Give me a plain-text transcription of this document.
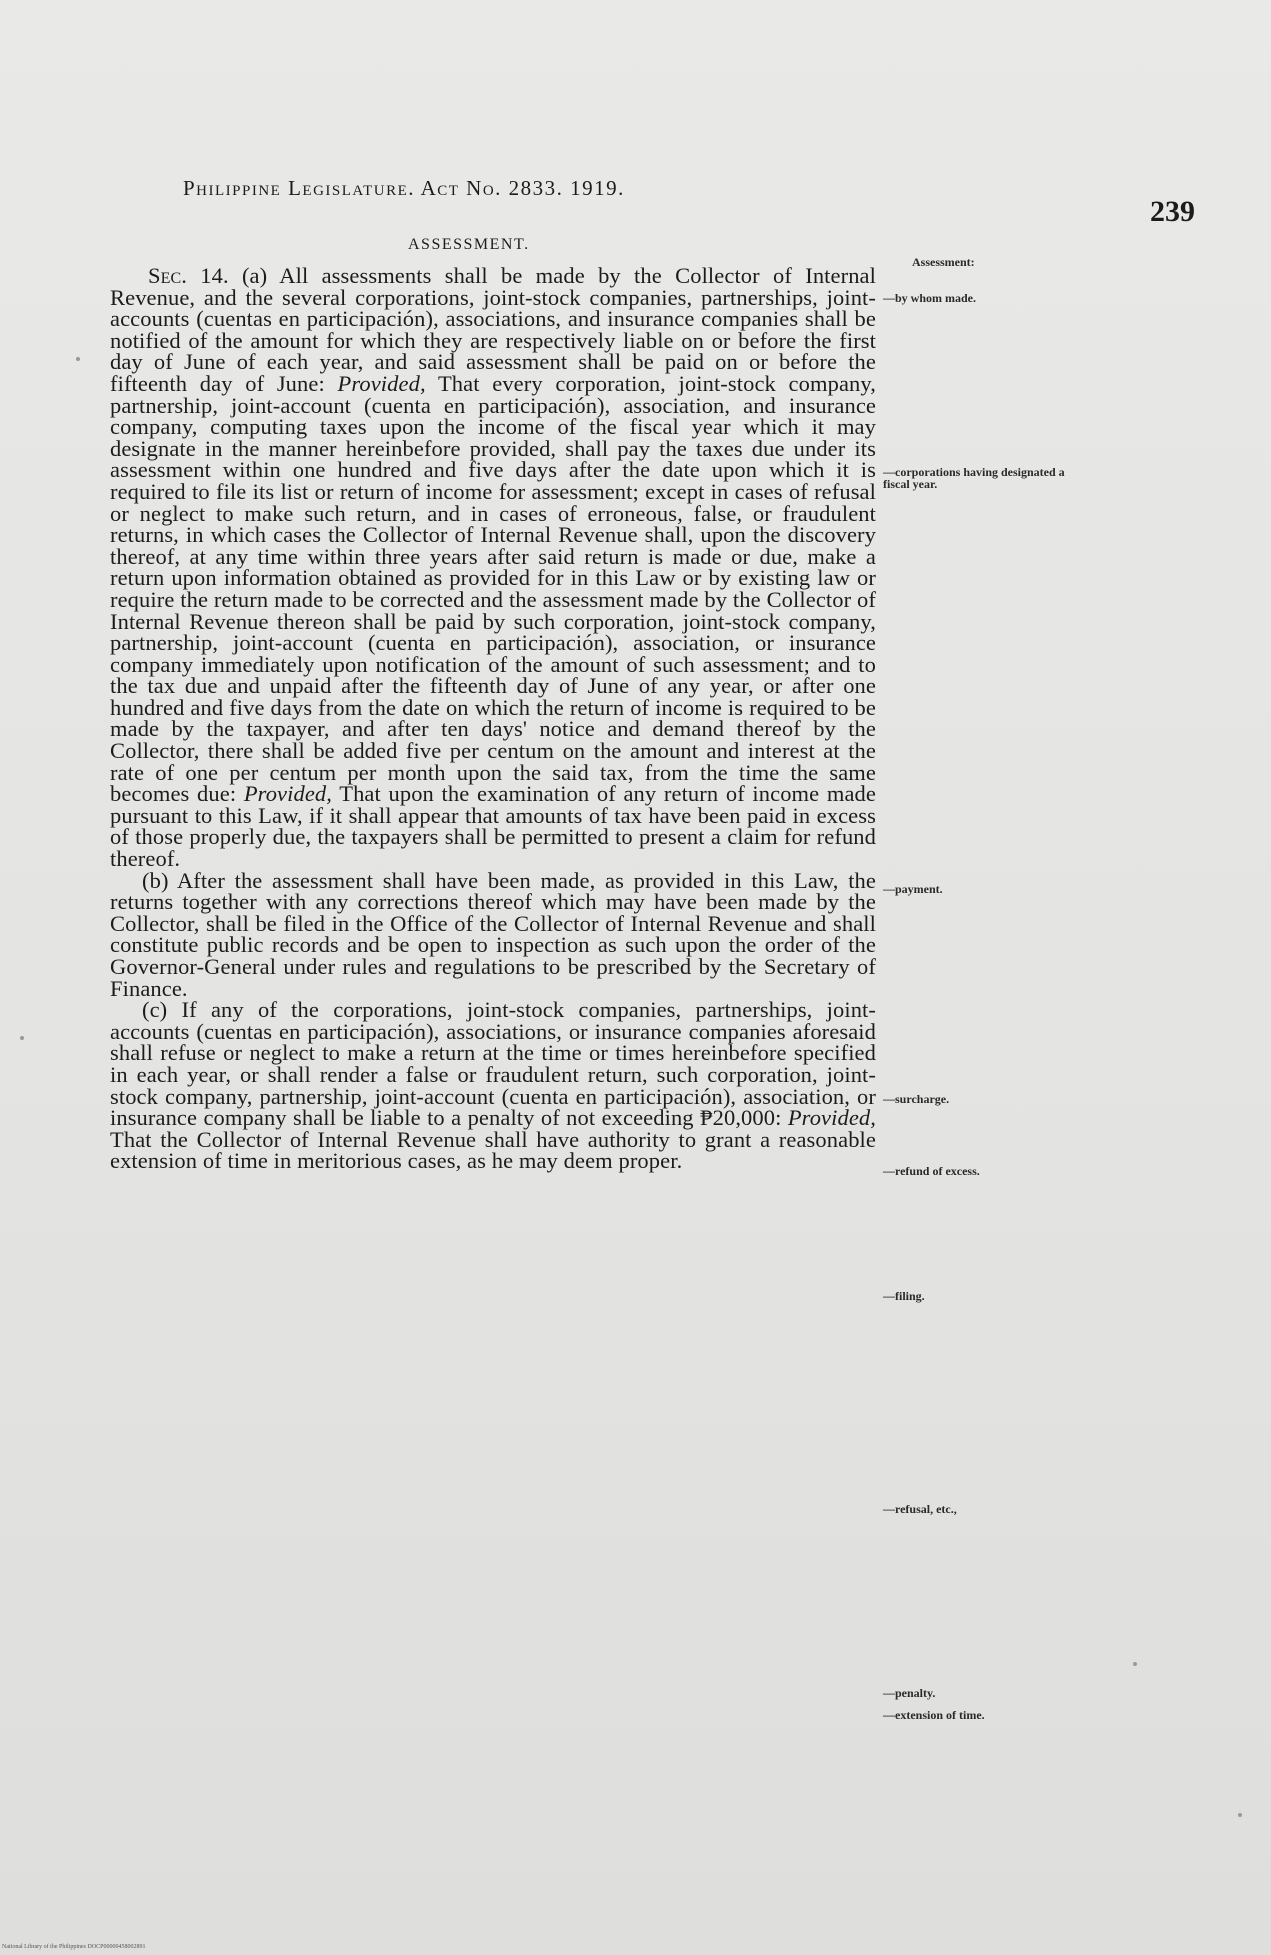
Philippine Legislature. Act No. 2833. 1919.
239
ASSESSMENT.

Sec. 14. (a) All assessments shall be made by the Collector of Internal Revenue, and the several corporations, joint-stock companies, partnerships, joint-accounts (cuentas en participación), associations, and insurance companies shall be notified of the amount for which they are respectively liable on or before the first day of June of each year, and said assessment shall be paid on or before the fifteenth day of June: Provided, That every corporation, joint-stock company, partnership, joint-account (cuenta en participación), association, and insurance company, computing taxes upon the income of the fiscal year which it may designate in the manner hereinbefore provided, shall pay the taxes due under its assessment within one hundred and five days after the date upon which it is required to file its list or return of income for assessment; except in cases of refusal or neglect to make such return, and in cases of erroneous, false, or fraudulent returns, in which cases the Collector of Internal Revenue shall, upon the discovery thereof, at any time within three years after said return is made or due, make a return upon information obtained as provided for in this Law or by existing law or require the return made to be corrected and the assessment made by the Collector of Internal Revenue thereon shall be paid by such corporation, joint-stock company, partnership, joint-account (cuenta en participación), association, or insurance company immediately upon notification of the amount of such assessment; and to the tax due and unpaid after the fifteenth day of June of any year, or after one hundred and five days from the date on which the return of income is required to be made by the taxpayer, and after ten days' notice and demand thereof by the Collector, there shall be added five per centum on the amount and interest at the rate of one per centum per month upon the said tax, from the time the same becomes due: Provided, That upon the examination of any return of income made pursuant to this Law, if it shall appear that amounts of tax have been paid in excess of those properly due, the taxpayers shall be permitted to present a claim for refund thereof.

(b) After the assessment shall have been made, as provided in this Law, the returns together with any corrections thereof which may have been made by the Collector, shall be filed in the Office of the Collector of Internal Revenue and shall constitute public records and be open to inspection as such upon the order of the Governor-General under rules and regulations to be prescribed by the Secretary of Finance.

(c) If any of the corporations, joint-stock companies, partnerships, joint-accounts (cuentas en participación), associations, or insurance companies aforesaid shall refuse or neglect to make a return at the time or times hereinbefore specified in each year, or shall render a false or fraudulent return, such corporation, joint-stock company, partnership, joint-account (cuenta en participación), association, or insurance company shall be liable to a penalty of not exceeding ₱20,000: Provided, That the Collector of Internal Revenue shall have authority to grant a reasonable extension of time in meritorious cases, as he may deem proper.

Assessment:
—by whom made.
—corporations having designated a fiscal year.
—payment.
—surcharge.
—refund of excess.
—filing.
—refusal, etc.,
—penalty.
—extension of time.
National Library of the Philippines DOCP00000458002891
